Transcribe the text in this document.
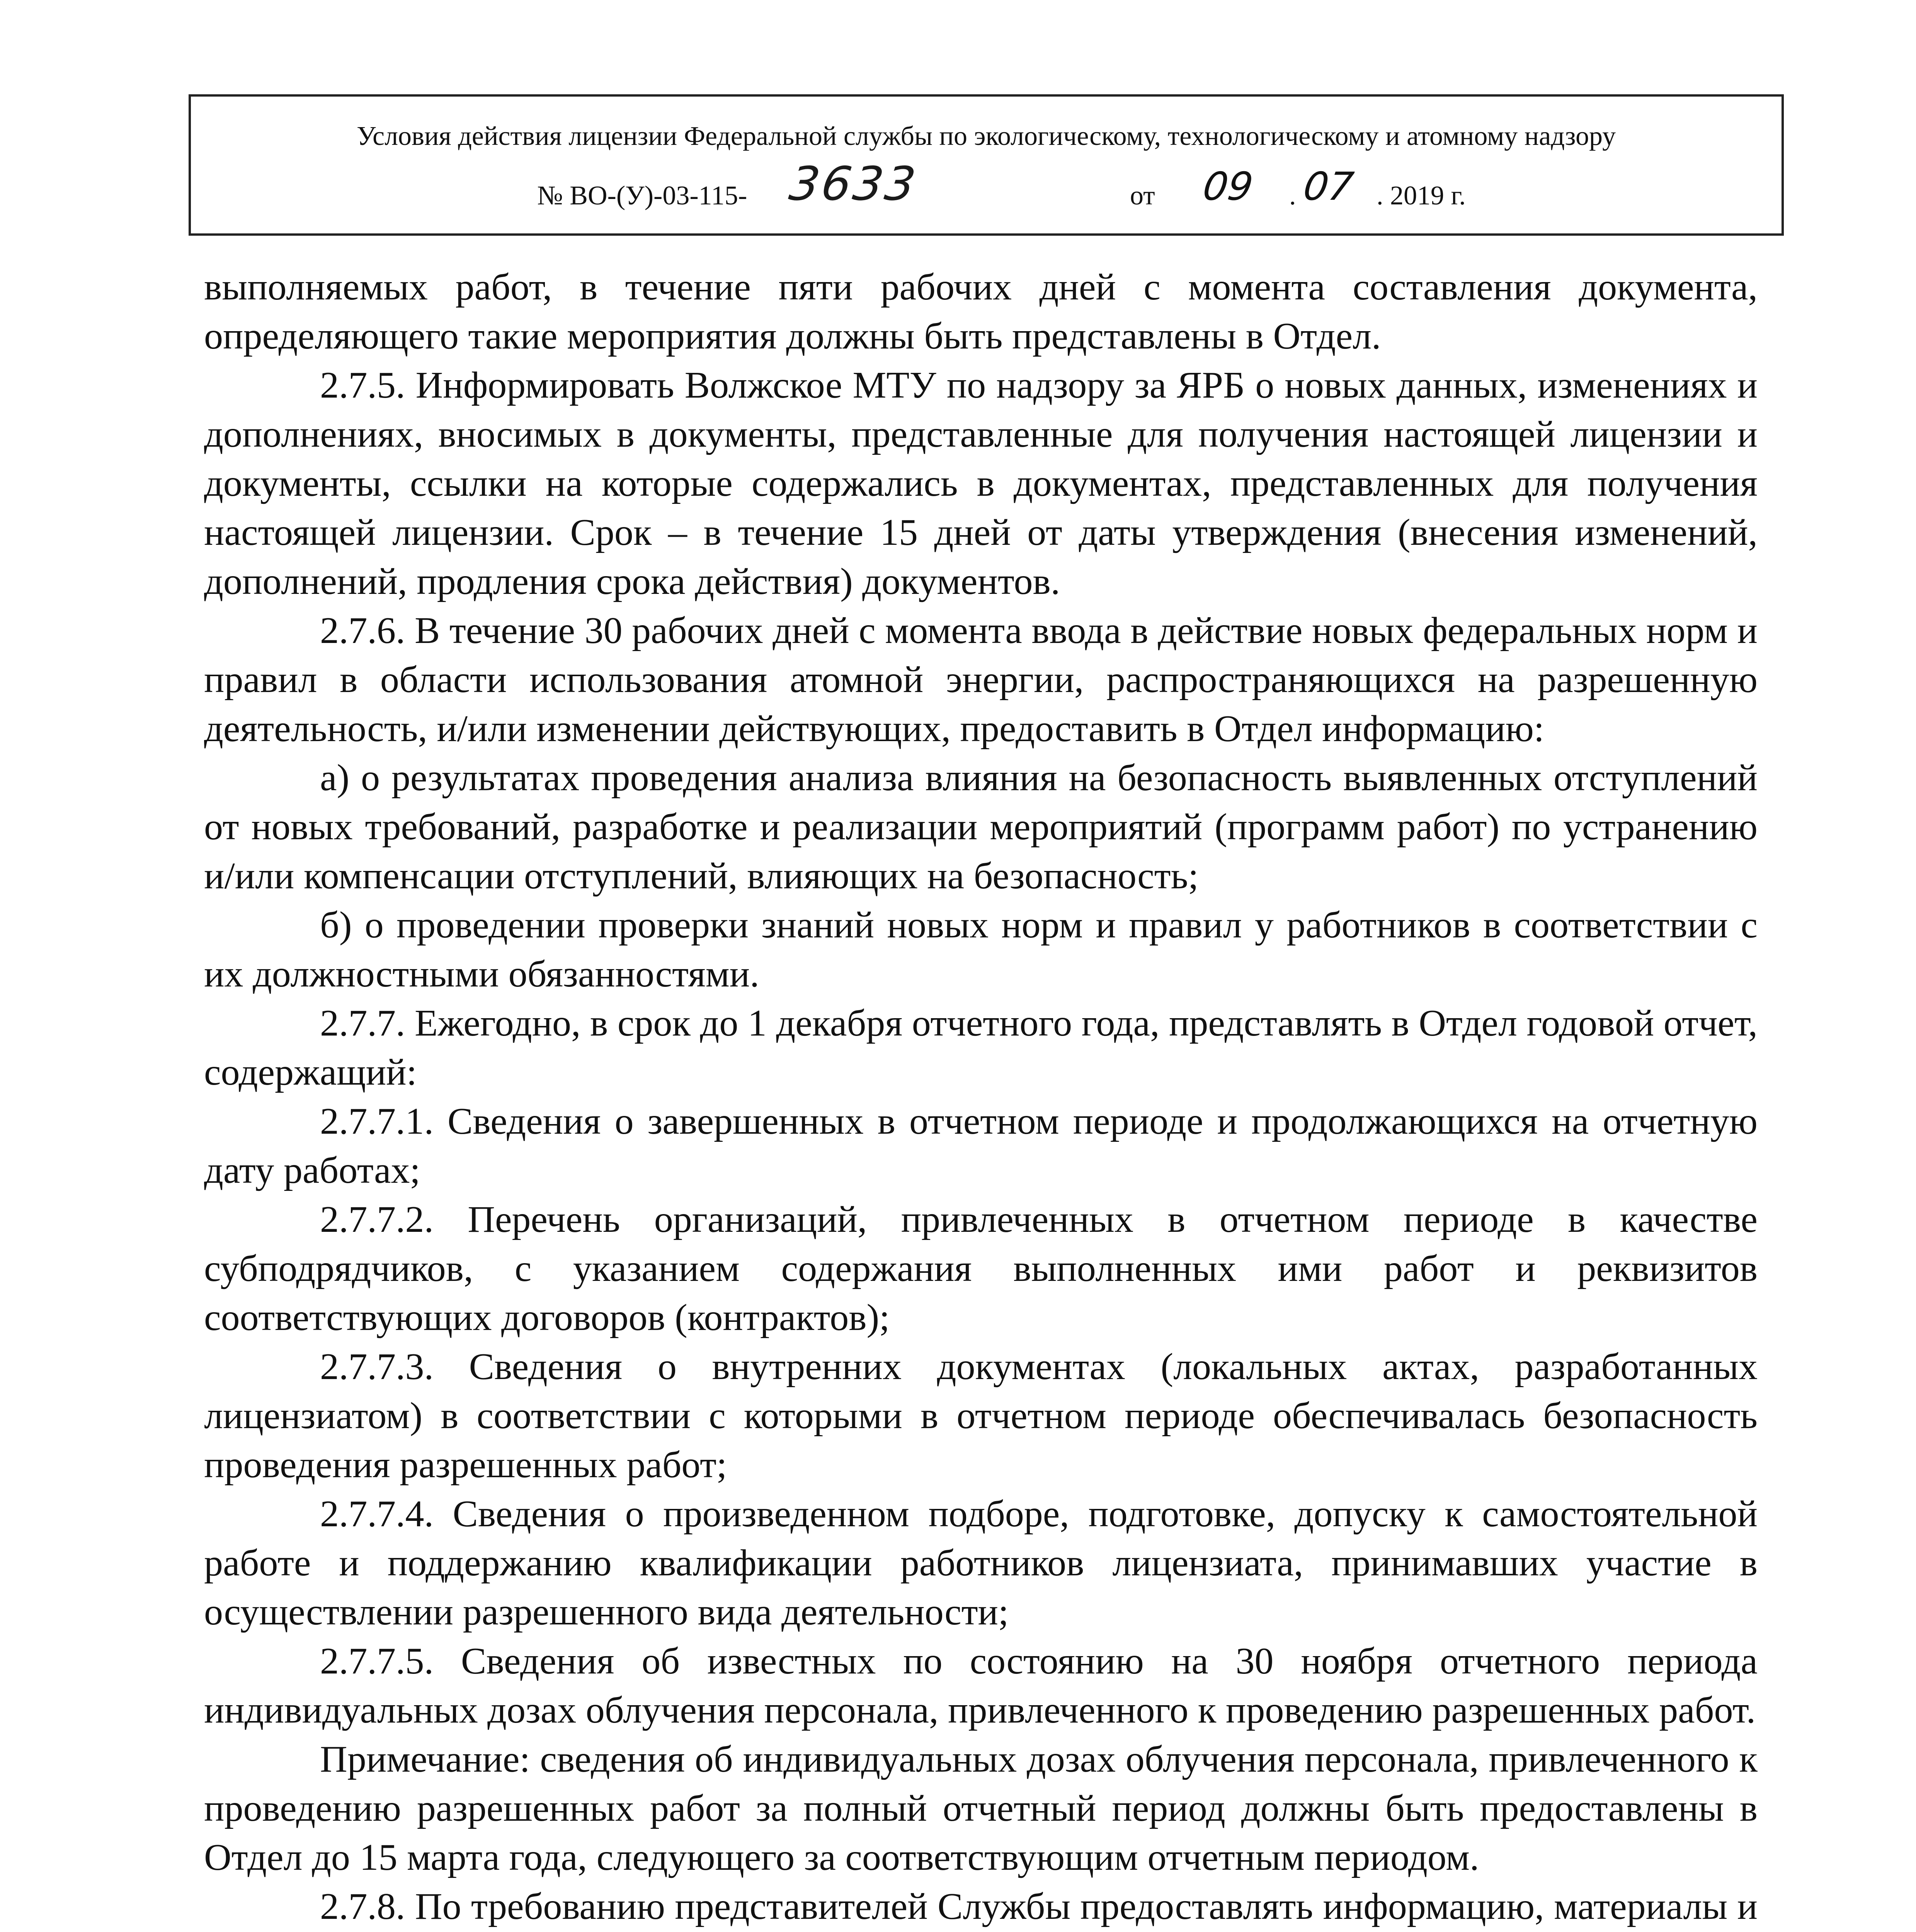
Условия действия лицензии Федеральной службы по экологическому, технологическому и атомному надзору
№ ВО-(У)-03-115- 3633	от 09 . 07 . 2019 г.

выполняемых работ, в течение пяти рабочих дней с момента составления документа, определяющего такие мероприятия должны быть представлены в Отдел.

2.7.5. Информировать Волжское МТУ по надзору за ЯРБ о новых данных, изменениях и дополнениях, вносимых в документы, представленные для получения настоящей лицензии и документы, ссылки на которые содержались в документах, представленных для получения настоящей лицензии. Срок – в течение 15 дней от даты утверждения (внесения изменений, дополнений, продления срока действия) документов.

2.7.6. В течение 30 рабочих дней с момента ввода в действие новых федеральных норм и правил в области использования атомной энергии, распространяющихся на разрешенную деятельность, и/или изменении действующих, предоставить в Отдел информацию:

а) о результатах проведения анализа влияния на безопасность выявленных отступлений от новых требований, разработке и реализации мероприятий (программ работ) по устранению и/или компенсации отступлений, влияющих на безопасность;

б) о проведении проверки знаний новых норм и правил у работников в соответствии с их должностными обязанностями.

2.7.7. Ежегодно, в срок до 1 декабря отчетного года, представлять в Отдел годовой отчет, содержащий:

2.7.7.1. Сведения о завершенных в отчетном периоде и продолжающихся на отчетную дату работах;

2.7.7.2. Перечень организаций, привлеченных в отчетном периоде в качестве субподрядчиков, с указанием содержания выполненных ими работ и реквизитов соответствующих договоров (контрактов);

2.7.7.3. Сведения о внутренних документах (локальных актах, разработанных лицензиатом) в соответствии с которыми в отчетном периоде обеспечивалась безопасность проведения разрешенных работ;

2.7.7.4. Сведения о произведенном подборе, подготовке, допуску к самостоятельной работе и поддержанию квалификации работников лицензиата, принимавших участие в осуществлении разрешенного вида деятельности;

2.7.7.5. Сведения об известных по состоянию на 30 ноября отчетного периода индивидуальных дозах облучения персонала, привлеченного к проведению разрешенных работ.

Примечание: сведения об индивидуальных дозах облучения персонала, привлеченного к проведению разрешенных работ за полный отчетный период должны быть предоставлены в Отдел до 15 марта года, следующего за соответствующим отчетным периодом.

2.7.8. По требованию представителей Службы предоставлять информацию, материалы и
